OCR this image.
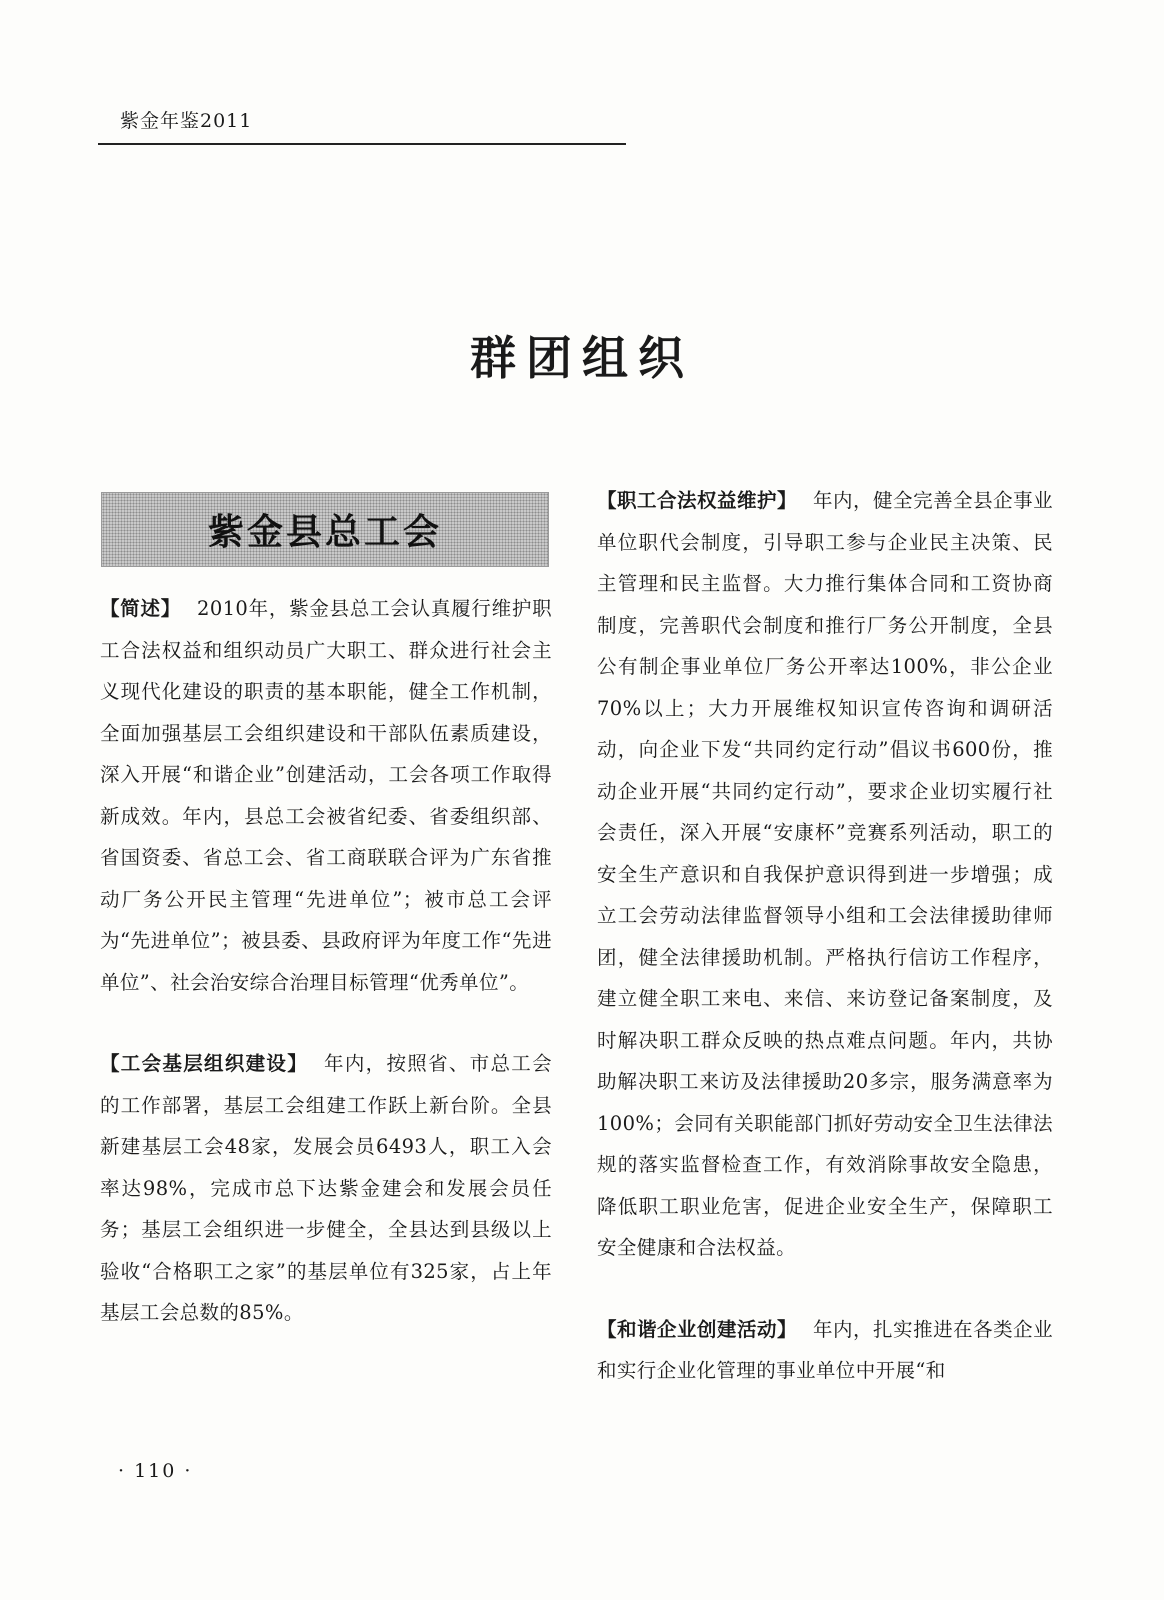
紫金年鉴2011
群团组织
紫金县总工会

【简述】 2010年，紫金县总工会认真履行维护职工合法权益和组织动员广大职工、群众进行社会主义现代化建设的职责的基本职能，健全工作机制，全面加强基层工会组织建设和干部队伍素质建设，深入开展“和谐企业”创建活动，工会各项工作取得新成效。年内，县总工会被省纪委、省委组织部、省国资委、省总工会、省工商联联合评为广东省推动厂务公开民主管理“先进单位”；被市总工会评为“先进单位”；被县委、县政府评为年度工作“先进单位”、社会治安综合治理目标管理“优秀单位”。

【工会基层组织建设】 年内，按照省、市总工会的工作部署，基层工会组建工作跃上新台阶。全县新建基层工会48家，发展会员6493人，职工入会率达98%，完成市总下达紫金建会和发展会员任务；基层工会组织进一步健全，全县达到县级以上验收“合格职工之家”的基层单位有325家，占上年基层工会总数的85%。

【职工合法权益维护】 年内，健全完善全县企事业单位职代会制度，引导职工参与企业民主决策、民主管理和民主监督。大力推行集体合同和工资协商制度，完善职代会制度和推行厂务公开制度，全县公有制企事业单位厂务公开率达100%，非公企业70%以上；大力开展维权知识宣传咨询和调研活动，向企业下发“共同约定行动”倡议书600份，推动企业开展“共同约定行动”，要求企业切实履行社会责任，深入开展“安康杯”竞赛系列活动，职工的安全生产意识和自我保护意识得到进一步增强；成立工会劳动法律监督领导小组和工会法律援助律师团，健全法律援助机制。严格执行信访工作程序，建立健全职工来电、来信、来访登记备案制度，及时解决职工群众反映的热点难点问题。年内，共协助解决职工来访及法律援助20多宗，服务满意率为100%；会同有关职能部门抓好劳动安全卫生法律法规的落实监督检查工作，有效消除事故安全隐患，降低职工职业危害，促进企业安全生产，保障职工安全健康和合法权益。

【和谐企业创建活动】 年内，扎实推进在各类企业和实行企业化管理的事业单位中开展“和

· 110 ·
